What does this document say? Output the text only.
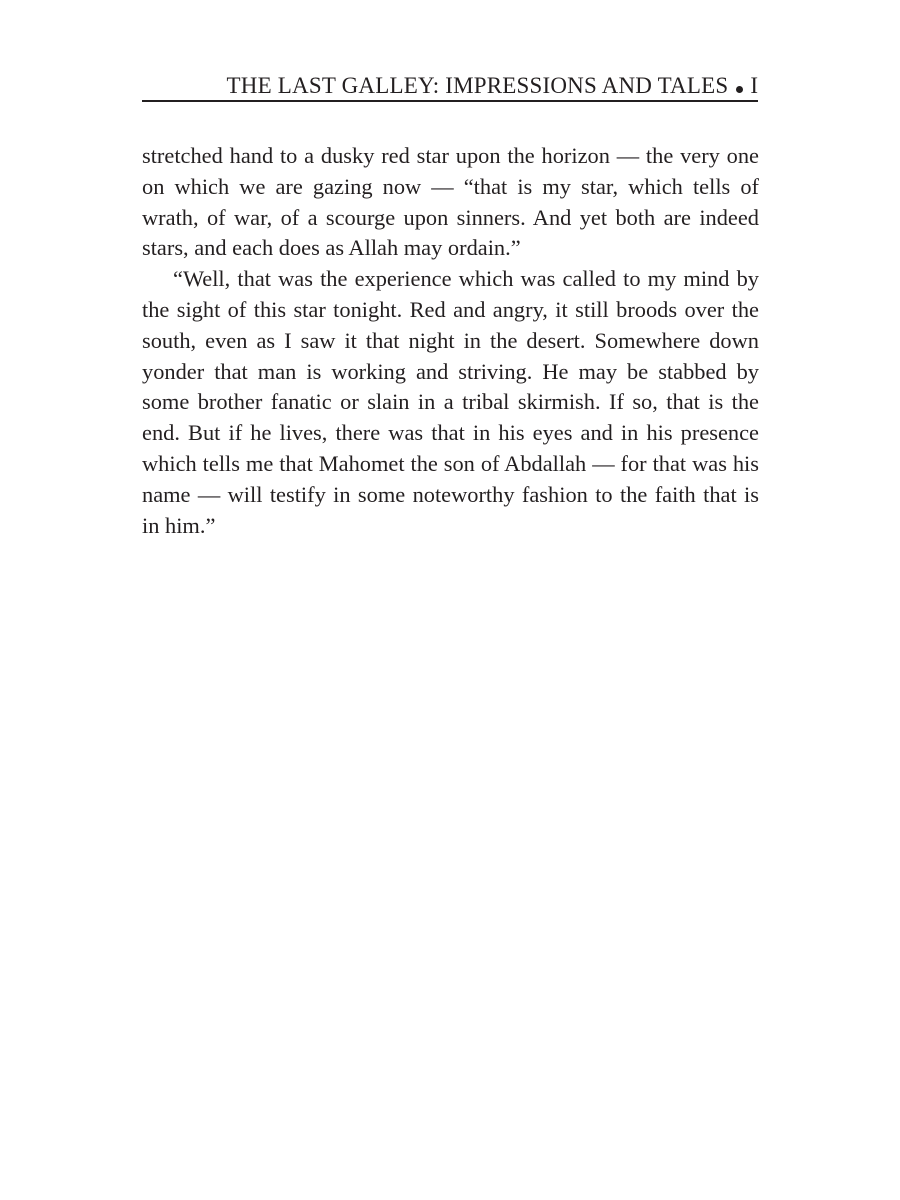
THE LAST GALLEY: IMPRESSIONS AND TALES I

stretched hand to a dusky red star upon the horizon — the very one on which we are gazing now — “that is my star, which tells of wrath, of war, of a scourge upon sinners. And yet both are indeed stars, and each does as Allah may ordain.”

“Well, that was the experience which was called to my mind by the sight of this star tonight. Red and angry, it still broods over the south, even as I saw it that night in the desert. Somewhere down yonder that man is working and striving. He may be stabbed by some brother fanatic or slain in a tribal skirmish. If so, that is the end. But if he lives, there was that in his eyes and in his presence which tells me that Mahomet the son of Abdallah — for that was his name — will testify in some noteworthy fashion to the faith that is in him.”
